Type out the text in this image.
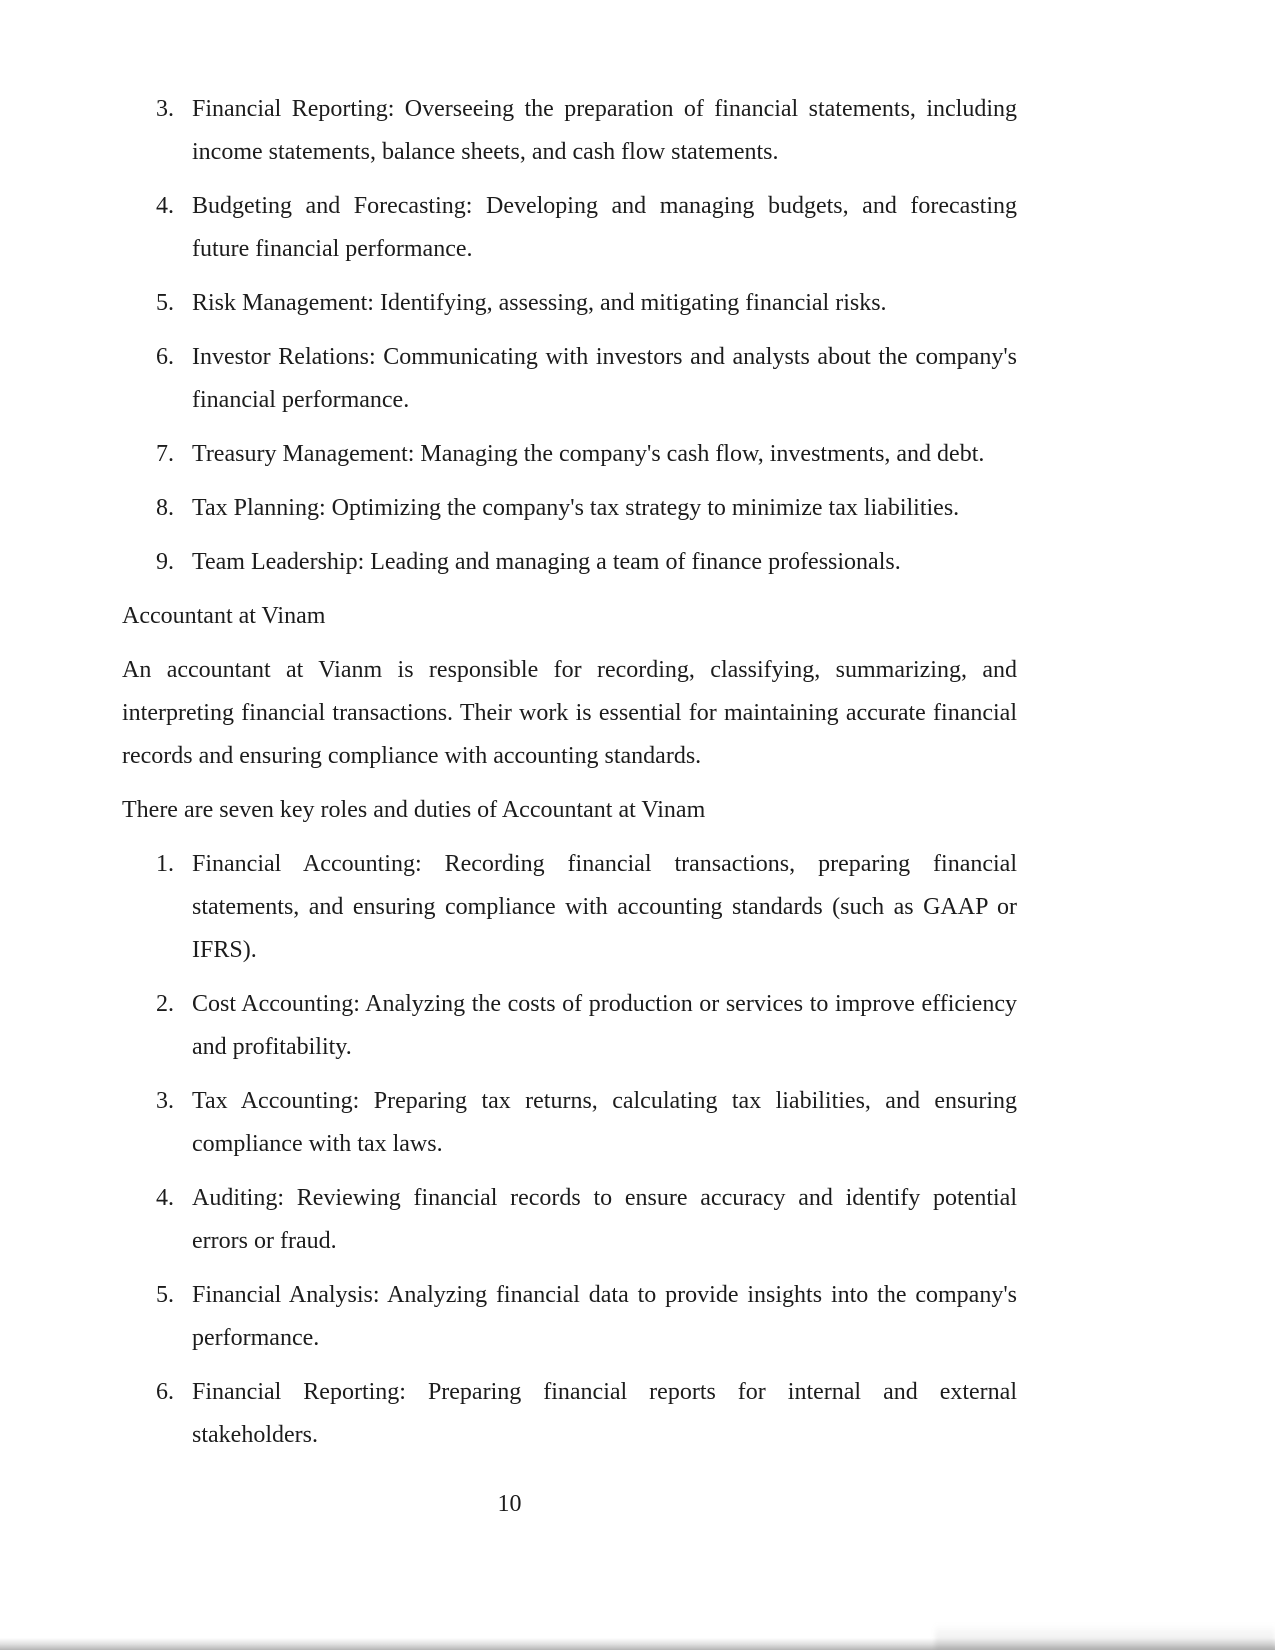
3. Financial Reporting: Overseeing the preparation of financial statements, including income statements, balance sheets, and cash flow statements.
4. Budgeting and Forecasting: Developing and managing budgets, and forecasting future financial performance.
5. Risk Management: Identifying, assessing, and mitigating financial risks.
6. Investor Relations: Communicating with investors and analysts about the company's financial performance.
7. Treasury Management: Managing the company's cash flow, investments, and debt.
8. Tax Planning: Optimizing the company's tax strategy to minimize tax liabilities.
9. Team Leadership: Leading and managing a team of finance professionals.
Accountant at Vinam
An accountant at Vianm is responsible for recording, classifying, summarizing, and interpreting financial transactions. Their work is essential for maintaining accurate financial records and ensuring compliance with accounting standards.
There are seven key roles and duties of Accountant at Vinam
1. Financial Accounting: Recording financial transactions, preparing financial statements, and ensuring compliance with accounting standards (such as GAAP or IFRS).
2. Cost Accounting: Analyzing the costs of production or services to improve efficiency and profitability.
3. Tax Accounting: Preparing tax returns, calculating tax liabilities, and ensuring compliance with tax laws.
4. Auditing: Reviewing financial records to ensure accuracy and identify potential errors or fraud.
5. Financial Analysis: Analyzing financial data to provide insights into the company's performance.
6. Financial Reporting: Preparing financial reports for internal and external stakeholders.
10
